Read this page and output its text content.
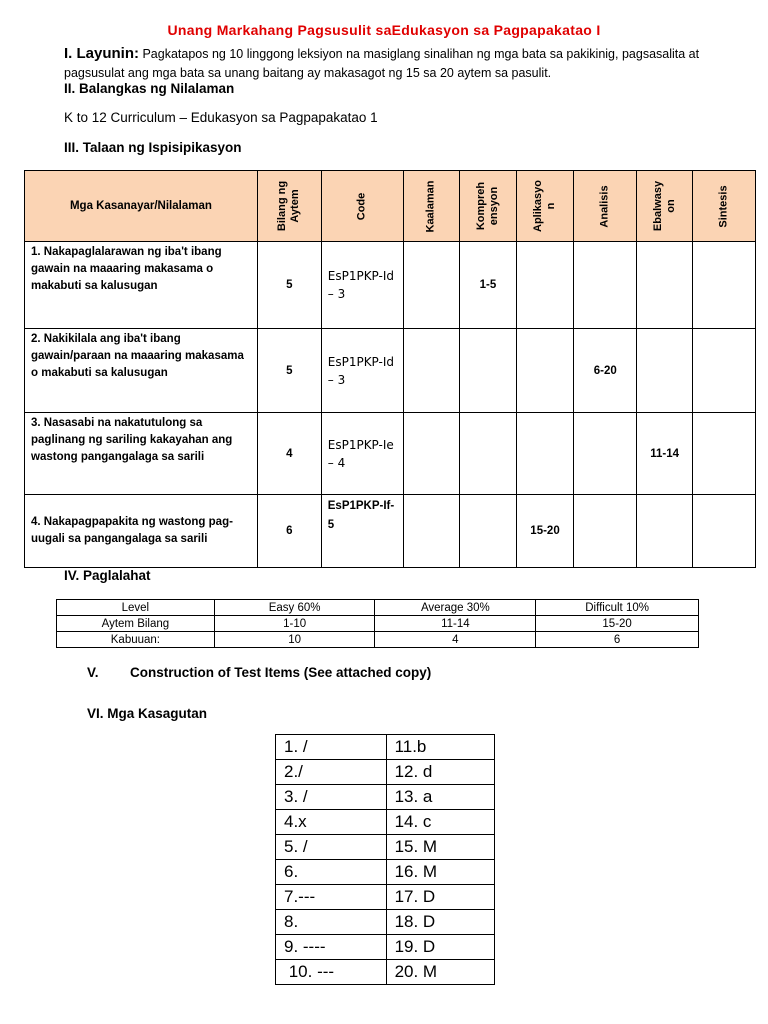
Unang Markahang Pagsusulit saEdukasyon sa Pagpapakatao I
I. Layunin: Pagkatapos ng 10 linggong leksiyon na masiglang sinalihan ng mga bata sa pakikinig, pagsasalita at pagsusulat ang mga bata sa unang baitang ay makasagot ng 15 sa 20 aytem sa pasulit.
II. Balangkas ng Nilalaman
K to 12 Curriculum – Edukasyon sa Pagpapakatao 1
III. Talaan ng Ispisipikasyon
Mga Kasanayar/Nilalaman	Bilang ng Aytem	Code	Kaalaman	Komprehensyon	Aplikasyon	Analisis	Ebalwasyon	Sintesis
1. Nakapaglalarawan ng iba't ibang gawain na maaaring makasama o makabuti sa kalusugan	5	EsP1PKP-Id – 3		1-5				
2. Nakikilala ang iba't ibang gawain/paraan na maaaring makasama o makabuti sa kalusugan	5	EsP1PKP-Id – 3				6-20		
3. Nasasabi na nakatutulong sa paglinang ng sariling kakayahan ang wastong pangangalaga sa sarili	4	EsP1PKP-Ie – 4					11-14	
4. Nakapagpapakita ng wastong pag-uugali sa pangangalaga sa sarili	6	EsP1PKP-If- 5			15-20			
IV. Paglalahat
Level	Easy 60%	Average 30%	Difficult 10%
Aytem Bilang	1-10	11-14	15-20
Kabuuan:	10	4	6
V. Construction of Test Items (See attached copy)
VI. Mga Kasagutan
1. /	11.b
2./	12. d
3. /	13. a
4.x	14. c
5. /	15. M
6.	16. M
7.---	17. D
8.	18. D
9. ----	19. D
10. ---	20. M
